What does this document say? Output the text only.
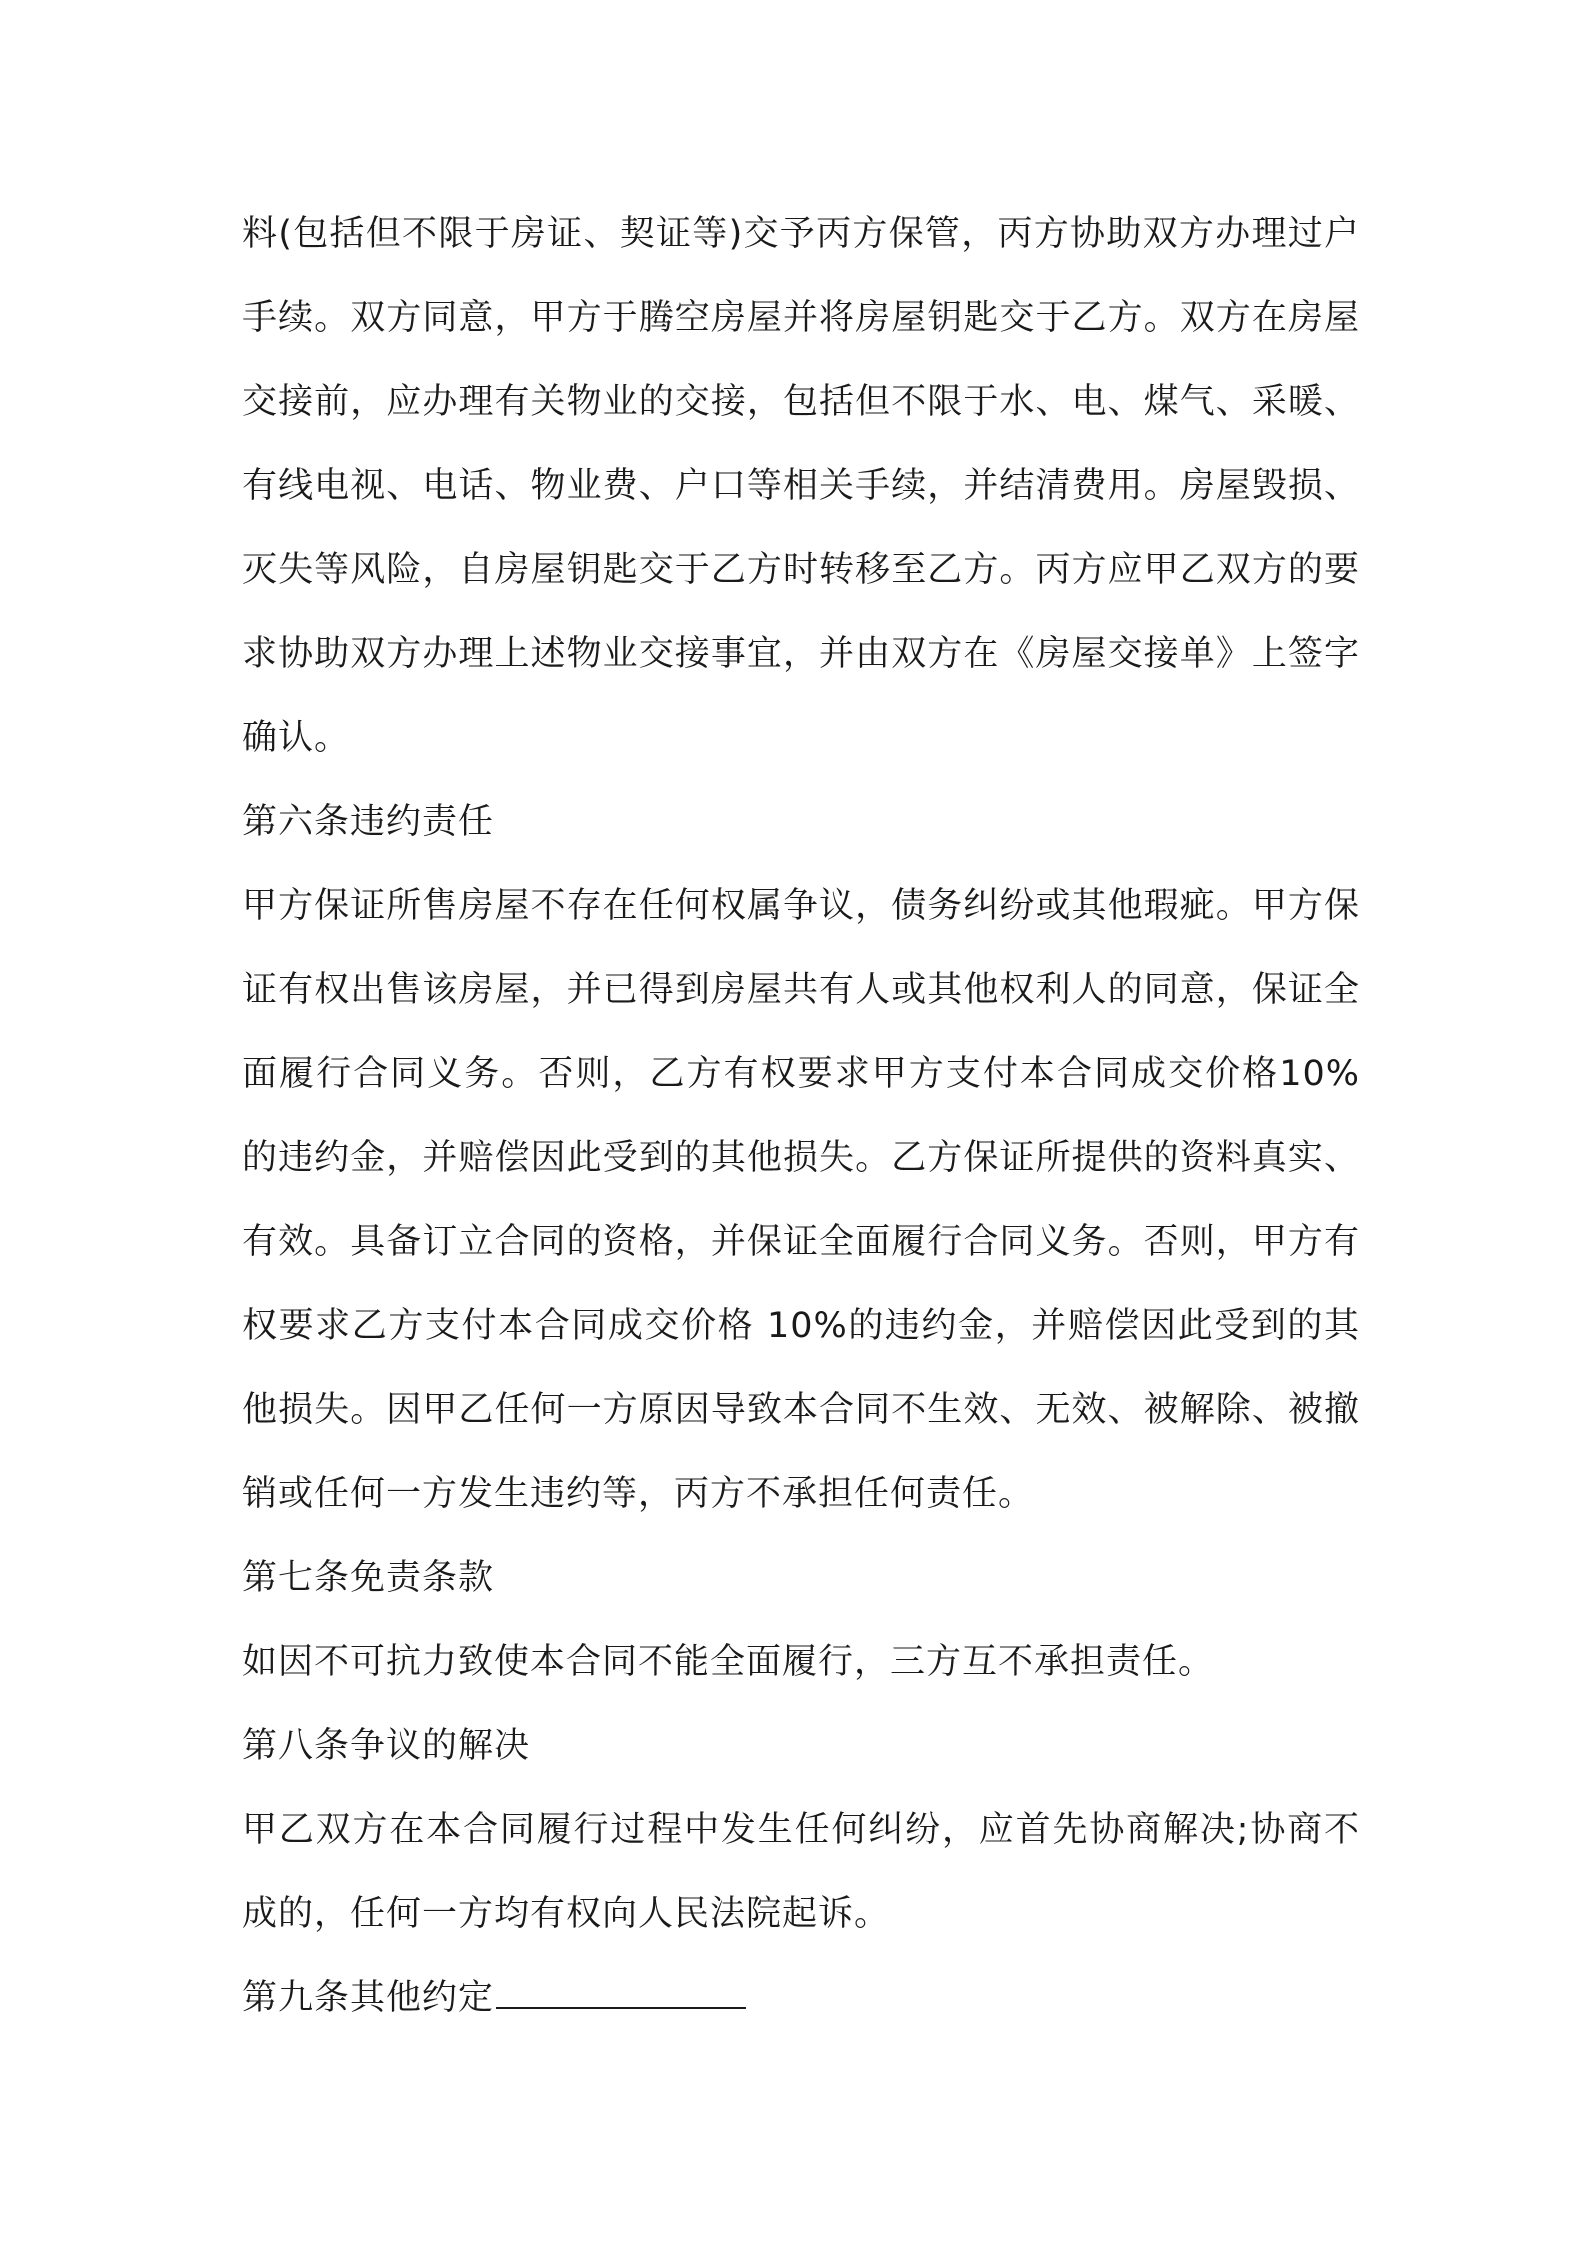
料(包括但不限于房证、契证等)交予丙方保管，丙方协助双方办理过户手续。双方同意，甲方于腾空房屋并将房屋钥匙交于乙方。双方在房屋交接前，应办理有关物业的交接，包括但不限于水、电、煤气、采暖、有线电视、电话、物业费、户口等相关手续，并结清费用。房屋毁损、灭失等风险，自房屋钥匙交于乙方时转移至乙方。丙方应甲乙双方的要求协助双方办理上述物业交接事宜，并由双方在《房屋交接单》上签字确认。

第六条违约责任

甲方保证所售房屋不存在任何权属争议，债务纠纷或其他瑕疵。甲方保证有权出售该房屋，并已得到房屋共有人或其他权利人的同意，保证全面履行合同义务。否则，乙方有权要求甲方支付本合同成交价格10%的违约金，并赔偿因此受到的其他损失。乙方保证所提供的资料真实、有效。具备订立合同的资格，并保证全面履行合同义务。否则，甲方有权要求乙方支付本合同成交价格 10%的违约金，并赔偿因此受到的其他损失。因甲乙任何一方原因导致本合同不生效、无效、被解除、被撤销或任何一方发生违约等，丙方不承担任何责任。

第七条免责条款

如因不可抗力致使本合同不能全面履行，三方互不承担责任。

第八条争议的解决

甲乙双方在本合同履行过程中发生任何纠纷，应首先协商解决;协商不成的，任何一方均有权向人民法院起诉。

第九条其他约定
